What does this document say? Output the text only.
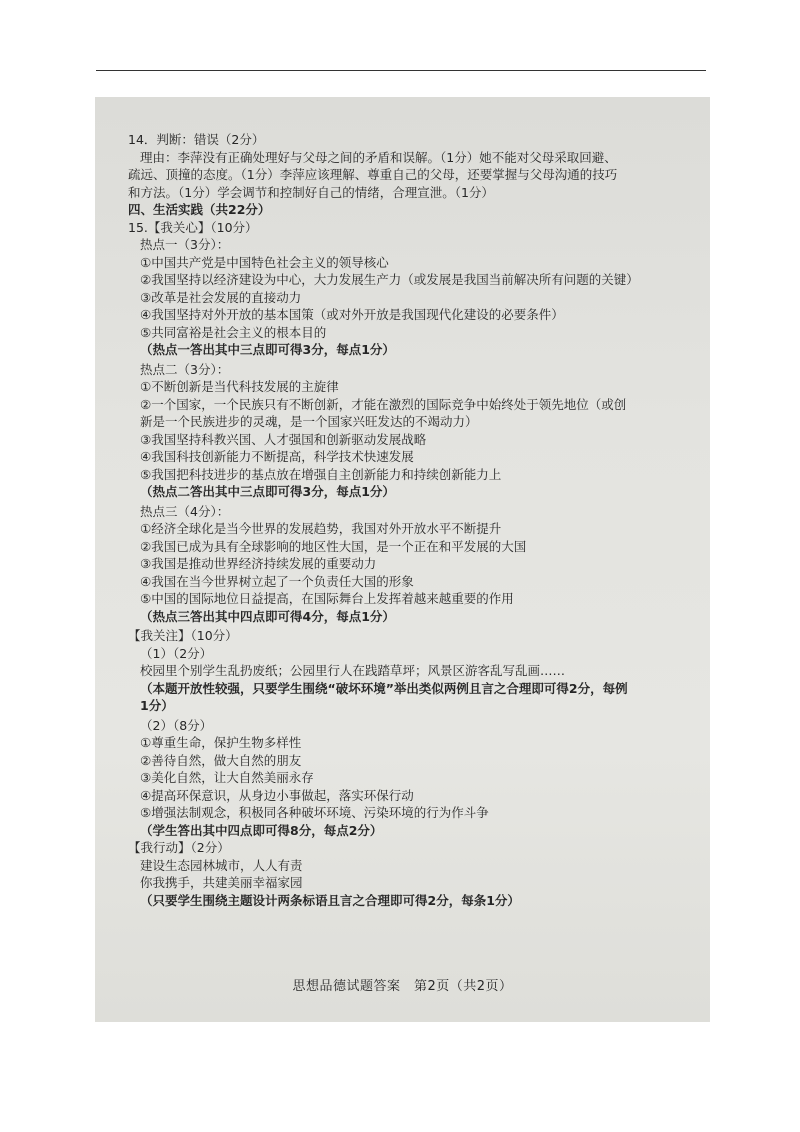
14．判断：错误（2分）
理由：李萍没有正确处理好与父母之间的矛盾和误解。（1分）她不能对父母采取回避、
疏远、顶撞的态度。（1分）李萍应该理解、尊重自己的父母，还要掌握与父母沟通的技巧
和方法。（1分）学会调节和控制好自己的情绪，合理宣泄。（1分）
四、生活实践（共22分）
15.【我关心】（10分）
热点一（3分）：
①中国共产党是中国特色社会主义的领导核心
②我国坚持以经济建设为中心，大力发展生产力（或发展是我国当前解决所有问题的关键）
③改革是社会发展的直接动力
④我国坚持对外开放的基本国策（或对外开放是我国现代化建设的必要条件）
⑤共同富裕是社会主义的根本目的
（热点一答出其中三点即可得3分，每点1分）
热点二（3分）：
①不断创新是当代科技发展的主旋律
②一个国家，一个民族只有不断创新，才能在激烈的国际竞争中始终处于领先地位（或创
新是一个民族进步的灵魂，是一个国家兴旺发达的不竭动力）
③我国坚持科教兴国、人才强国和创新驱动发展战略
④我国科技创新能力不断提高，科学技术快速发展
⑤我国把科技进步的基点放在增强自主创新能力和持续创新能力上
（热点二答出其中三点即可得3分，每点1分）
热点三（4分）：
①经济全球化是当今世界的发展趋势，我国对外开放水平不断提升
②我国已成为具有全球影响的地区性大国，是一个正在和平发展的大国
③我国是推动世界经济持续发展的重要动力
④我国在当今世界树立起了一个负责任大国的形象
⑤中国的国际地位日益提高，在国际舞台上发挥着越来越重要的作用
（热点三答出其中四点即可得4分，每点1分）
【我关注】（10分）
（1）（2分）
校园里个别学生乱扔废纸；公园里行人在践踏草坪；风景区游客乱写乱画……
（本题开放性较强，只要学生围绕“破坏环境”举出类似两例且言之合理即可得2分，每例
1分）
（2）（8分）
①尊重生命，保护生物多样性
②善待自然，做大自然的朋友
③美化自然，让大自然美丽永存
④提高环保意识，从身边小事做起，落实环保行动
⑤增强法制观念，积极同各种破坏环境、污染环境的行为作斗争
（学生答出其中四点即可得8分，每点2分）
【我行动】（2分）
建设生态园林城市，人人有责
你我携手，共建美丽幸福家园
（只要学生围绕主题设计两条标语且言之合理即可得2分，每条1分）
思想品德试题答案　第2页（共2页）
